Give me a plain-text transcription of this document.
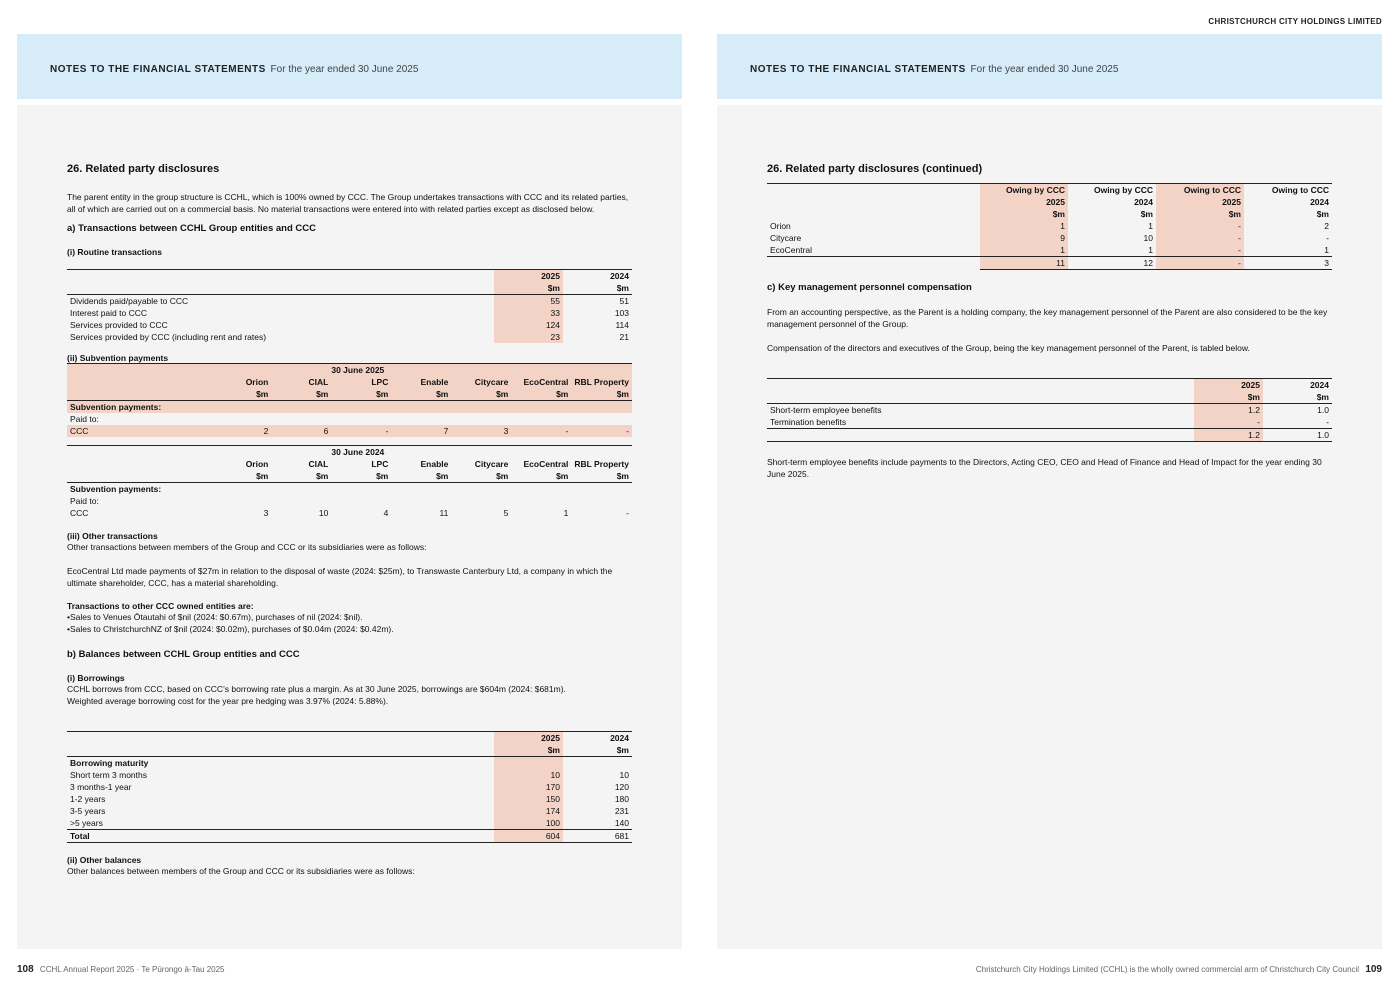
CHRISTCHURCH CITY HOLDINGS LIMITED
NOTES TO THE FINANCIAL STATEMENTS For the year ended 30 June 2025
26. Related party disclosures

The parent entity in the group structure is CCHL, which is 100% owned by CCC. The Group undertakes transactions with CCC and its related parties, all of which are carried out on a commercial basis. No material transactions were entered into with related parties except as disclosed below.

a) Transactions between CCHL Group entities and CCC
(i) Routine transactions
	2025	2024
	$m	$m
Dividends paid/payable to CCC	55	51
Interest paid to CCC	33	103
Services provided to CCC	124	114
Services provided by CCC (including rent and rates)	23	21
(ii) Subvention payments
			30 June 2025				
	Orion	CIAL	LPC	Enable	Citycare	EcoCentral	RBL Property
	$m	$m	$m	$m	$m	$m	$m
Subvention payments:							
Paid to:							
CCC	2	6	-	7	3	-	-
			30 June 2024				
	Orion	CIAL	LPC	Enable	Citycare	EcoCentral	RBL Property
	$m	$m	$m	$m	$m	$m	$m
Subvention payments:							
Paid to:							
CCC	3	10	4	11	5	1	-
(iii) Other transactions

Other transactions between members of the Group and CCC or its subsidiaries were as follows:

EcoCentral Ltd made payments of $27m in relation to the disposal of waste (2024: $25m), to Transwaste Canterbury Ltd, a company in which the ultimate shareholder, CCC, has a material shareholding.

Transactions to other CCC owned entities are:
• Sales to Venues Ōtautahi of $nil (2024: $0.67m), purchases of nil (2024: $nil).
• Sales to ChristchurchNZ of $nil (2024: $0.02m), purchases of $0.04m (2024: $0.42m).
b) Balances between CCHL Group entities and CCC
(i) Borrowings

CCHL borrows from CCC, based on CCC’s borrowing rate plus a margin. As at 30 June 2025, borrowings are $604m (2024: $681m). Weighted average borrowing cost for the year pre hedging was 3.97% (2024: 5.88%).

	2025	2024
	$m	$m
Borrowing maturity		
Short term 3 months	10	10
3 months-1 year	170	120
1-2 years	150	180
3-5 years	174	231
>5 years	100	140
Total	604	681
(ii) Other balances

Other balances between members of the Group and CCC or its subsidiaries were as follows:

NOTES TO THE FINANCIAL STATEMENTS For the year ended 30 June 2025
26. Related party disclosures (continued)
	Owing by CCC	Owing by CCC	Owing to CCC	Owing to CCC
	2025	2024	2025	2024
	$m	$m	$m	$m
Orion	1	1	-	2
Citycare	9	10	-	-
EcoCentral	1	1	-	1
	11	12	-	3
c) Key management personnel compensation

From an accounting perspective, as the Parent is a holding company, the key management personnel of the Parent are also considered to be the key management personnel of the Group.

Compensation of the directors and executives of the Group, being the key management personnel of the Parent, is tabled below.

	2025	2024
	$m	$m
Short-term employee benefits	1.2	1.0
Termination benefits	-	-
	1.2	1.0

Short-term employee benefits include payments to the Directors, Acting CEO, CEO and Head of Finance and Head of Impact for the year ending 30 June 2025.

108 CCHL Annual Report 2025 · Te Pūrongo ā-Tau 2025	Christchurch City Holdings Limited (CCHL) is the wholly owned commercial arm of Christchurch City Council 109
